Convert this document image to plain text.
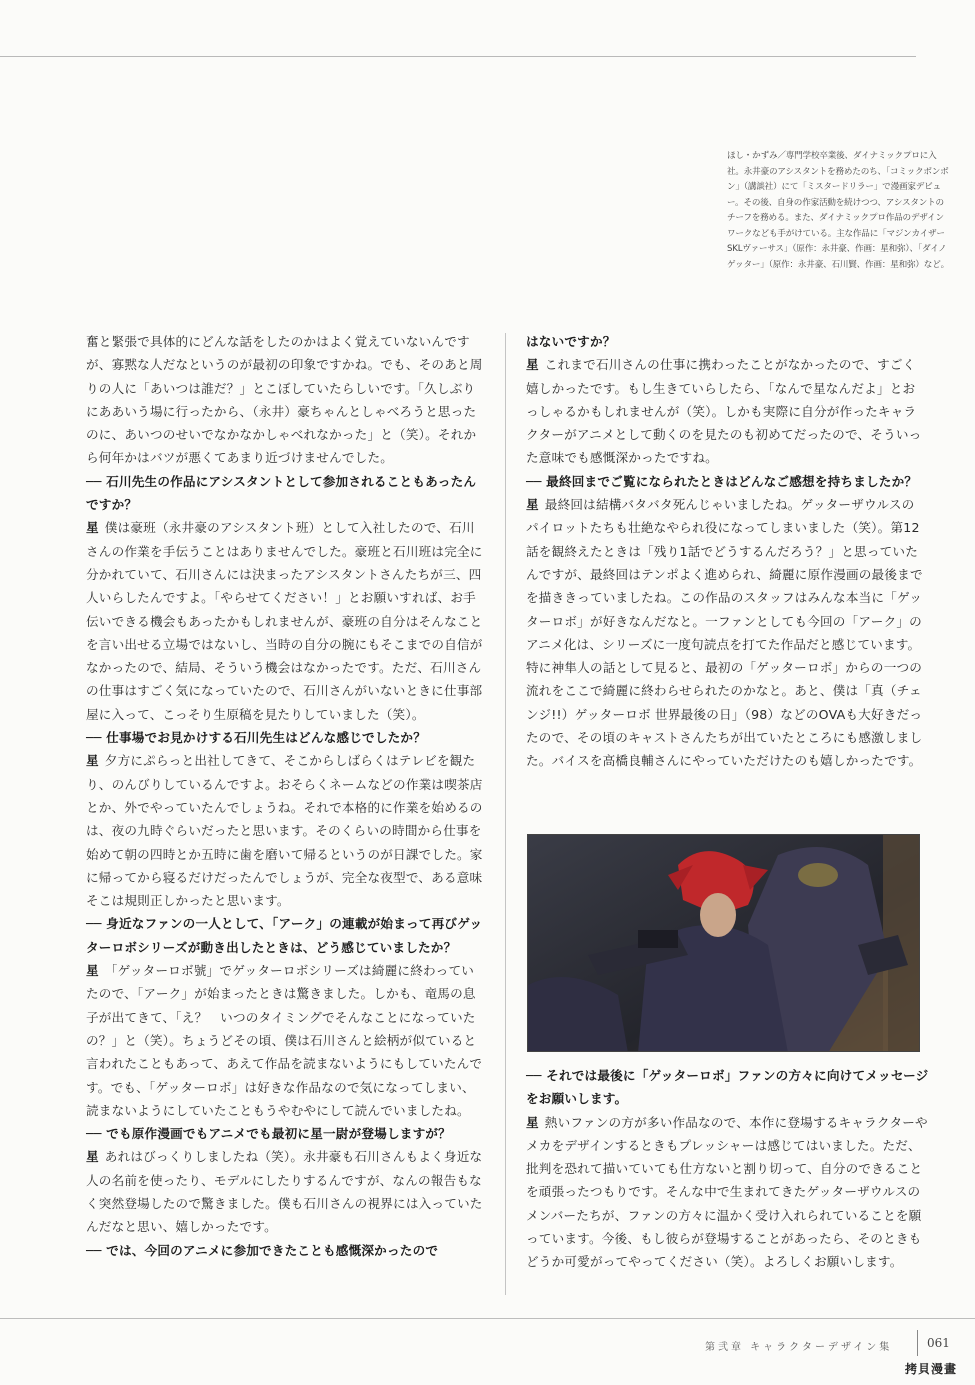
ほし・かずみ／専門学校卒業後、ダイナミックプロに入社。永井豪のアシスタントを務めたのち、「コミックボンボン」（講談社）にて「ミスタードリラー」で漫画家デビュー。その後、自身の作家活動を続けつつ、アシスタントのチーフを務める。また、ダイナミックプロ作品のデザインワークなども手がけている。主な作品に「マジンカイザーSKLヴァーサス」（原作：永井豪、作画：星和弥）、「ダイノゲッター」（原作：永井豪、石川賢、作画：星和弥）など。

奮と緊張で具体的にどんな話をしたのかはよく覚えていないんですが、寡黙な人だなというのが最初の印象ですかね。でも、そのあと周りの人に「あいつは誰だ？」とこぼしていたらしいです。「久しぶりにああいう場に行ったから、（永井）豪ちゃんとしゃべろうと思ったのに、あいつのせいでなかなかしゃべれなかった」と（笑）。それから何年かはバツが悪くてあまり近づけませんでした。

── 石川先生の作品にアシスタントとして参加されることもあったんですか？

星 僕は豪班（永井豪のアシスタント班）として入社したので、石川さんの作業を手伝うことはありませんでした。豪班と石川班は完全に分かれていて、石川さんには決まったアシスタントさんたちが三、四人いらしたんですよ。「やらせてください！」とお願いすれば、お手伝いできる機会もあったかもしれませんが、豪班の自分はそんなことを言い出せる立場ではないし、当時の自分の腕にもそこまでの自信がなかったので、結局、そういう機会はなかったです。ただ、石川さんの仕事はすごく気になっていたので、石川さんがいないときに仕事部屋に入って、こっそり生原稿を見たりしていました（笑）。

── 仕事場でお見かけする石川先生はどんな感じでしたか？

星 夕方にぷらっと出社してきて、そこからしばらくはテレビを観たり、のんびりしているんですよ。おそらくネームなどの作業は喫茶店とか、外でやっていたんでしょうね。それで本格的に作業を始めるのは、夜の九時ぐらいだったと思います。そのくらいの時間から仕事を始めて朝の四時とか五時に歯を磨いて帰るというのが日課でした。家に帰ってから寝るだけだったんでしょうが、完全な夜型で、ある意味そこは規則正しかったと思います。

── 身近なファンの一人として、「アーク」の連載が始まって再びゲッターロボシリーズが動き出したときは、どう感じていましたか？

星 「ゲッターロボ號」でゲッターロボシリーズは綺麗に終わっていたので、「アーク」が始まったときは驚きました。しかも、竜馬の息子が出てきて、「え？　いつのタイミングでそんなことになっていたの？」と（笑）。ちょうどその頃、僕は石川さんと絵柄が似ていると言われたこともあって、あえて作品を読まないようにもしていたんです。でも、「ゲッターロボ」は好きな作品なので気になってしまい、読まないようにしていたこともうやむやにして読んでいましたね。

── でも原作漫画でもアニメでも最初に星一尉が登場しますが？

星 あれはびっくりしましたね（笑）。永井豪も石川さんもよく身近な人の名前を使ったり、モデルにしたりするんですが、なんの報告もなく突然登場したので驚きました。僕も石川さんの視界には入っていたんだなと思い、嬉しかったです。

── では、今回のアニメに参加できたことも感慨深かったので

はないですか？

星 これまで石川さんの仕事に携わったことがなかったので、すごく嬉しかったです。もし生きていらしたら、「なんで星なんだよ」とおっしゃるかもしれませんが（笑）。しかも実際に自分が作ったキャラクターがアニメとして動くのを見たのも初めてだったので、そういった意味でも感慨深かったですね。

── 最終回までご覧になられたときはどんなご感想を持ちましたか？

星 最終回は結構バタバタ死んじゃいましたね。ゲッターザウルスのパイロットたちも壮絶なやられ役になってしまいました（笑）。第12話を観終えたときは「残り1話でどうするんだろう？」と思っていたんですが、最終回はテンポよく進められ、綺麗に原作漫画の最後までを描ききっていましたね。この作品のスタッフはみんな本当に「ゲッターロボ」が好きなんだなと。一ファンとしても今回の「アーク」のアニメ化は、シリーズに一度句読点を打てた作品だと感じています。特に神隼人の話として見ると、最初の「ゲッターロボ」からの一つの流れをここで綺麗に終わらせられたのかなと。あと、僕は「真（チェンジ!!）ゲッターロボ 世界最後の日」（98）などのOVAも大好きだったので、その頃のキャストさんたちが出ていたところにも感激しました。バイスを高橋良輔さんにやっていただけたのも嬉しかったです。

── それでは最後に「ゲッターロボ」ファンの方々に向けてメッセージをお願いします。

星 熱いファンの方が多い作品なので、本作に登場するキャラクターやメカをデザインするときもプレッシャーは感じてはいました。ただ、批判を恐れて描いていても仕方ないと割り切って、自分のできることを頑張ったつもりです。そんな中で生まれてきたゲッターザウルスのメンバーたちが、ファンの方々に温かく受け入れられていることを願っています。今後、もし彼らが登場することがあったら、そのときもどうか可愛がってやってください（笑）。よろしくお願いします。

第弐章 キャラクターデザイン集	061
拷貝漫畫
